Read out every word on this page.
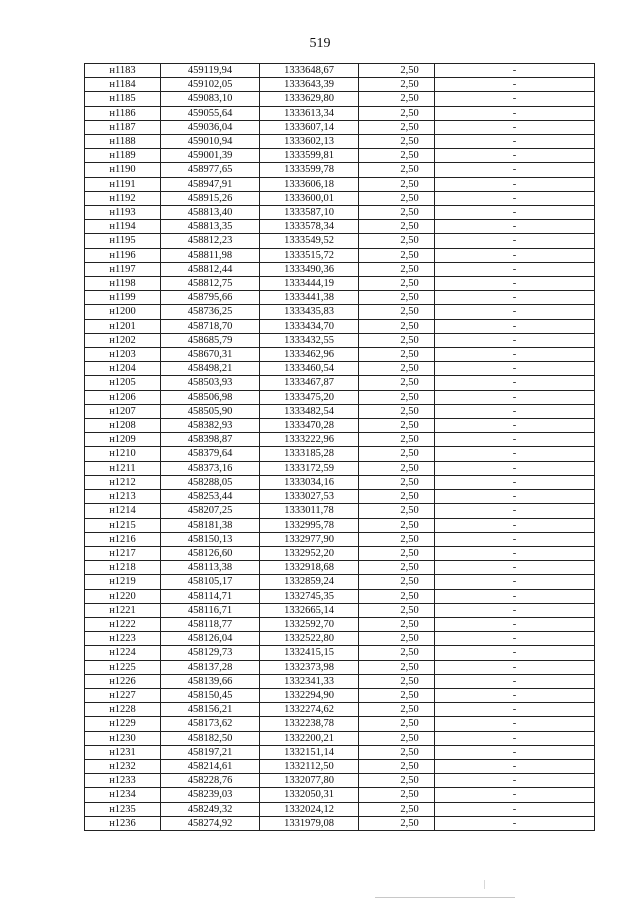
519
н1183	459119,94	1333648,67	2,50	-
н1184	459102,05	1333643,39	2,50	-
н1185	459083,10	1333629,80	2,50	-
н1186	459055,64	1333613,34	2,50	-
н1187	459036,04	1333607,14	2,50	-
н1188	459010,94	1333602,13	2,50	-
н1189	459001,39	1333599,81	2,50	-
н1190	458977,65	1333599,78	2,50	-
н1191	458947,91	1333606,18	2,50	-
н1192	458915,26	1333600,01	2,50	-
н1193	458813,40	1333587,10	2,50	-
н1194	458813,35	1333578,34	2,50	-
н1195	458812,23	1333549,52	2,50	-
н1196	458811,98	1333515,72	2,50	-
н1197	458812,44	1333490,36	2,50	-
н1198	458812,75	1333444,19	2,50	-
н1199	458795,66	1333441,38	2,50	-
н1200	458736,25	1333435,83	2,50	-
н1201	458718,70	1333434,70	2,50	-
н1202	458685,79	1333432,55	2,50	-
н1203	458670,31	1333462,96	2,50	-
н1204	458498,21	1333460,54	2,50	-
н1205	458503,93	1333467,87	2,50	-
н1206	458506,98	1333475,20	2,50	-
н1207	458505,90	1333482,54	2,50	-
н1208	458382,93	1333470,28	2,50	-
н1209	458398,87	1333222,96	2,50	-
н1210	458379,64	1333185,28	2,50	-
н1211	458373,16	1333172,59	2,50	-
н1212	458288,05	1333034,16	2,50	-
н1213	458253,44	1333027,53	2,50	-
н1214	458207,25	1333011,78	2,50	-
н1215	458181,38	1332995,78	2,50	-
н1216	458150,13	1332977,90	2,50	-
н1217	458126,60	1332952,20	2,50	-
н1218	458113,38	1332918,68	2,50	-
н1219	458105,17	1332859,24	2,50	-
н1220	458114,71	1332745,35	2,50	-
н1221	458116,71	1332665,14	2,50	-
н1222	458118,77	1332592,70	2,50	-
н1223	458126,04	1332522,80	2,50	-
н1224	458129,73	1332415,15	2,50	-
н1225	458137,28	1332373,98	2,50	-
н1226	458139,66	1332341,33	2,50	-
н1227	458150,45	1332294,90	2,50	-
н1228	458156,21	1332274,62	2,50	-
н1229	458173,62	1332238,78	2,50	-
н1230	458182,50	1332200,21	2,50	-
н1231	458197,21	1332151,14	2,50	-
н1232	458214,61	1332112,50	2,50	-
н1233	458228,76	1332077,80	2,50	-
н1234	458239,03	1332050,31	2,50	-
н1235	458249,32	1332024,12	2,50	-
н1236	458274,92	1331979,08	2,50	-
